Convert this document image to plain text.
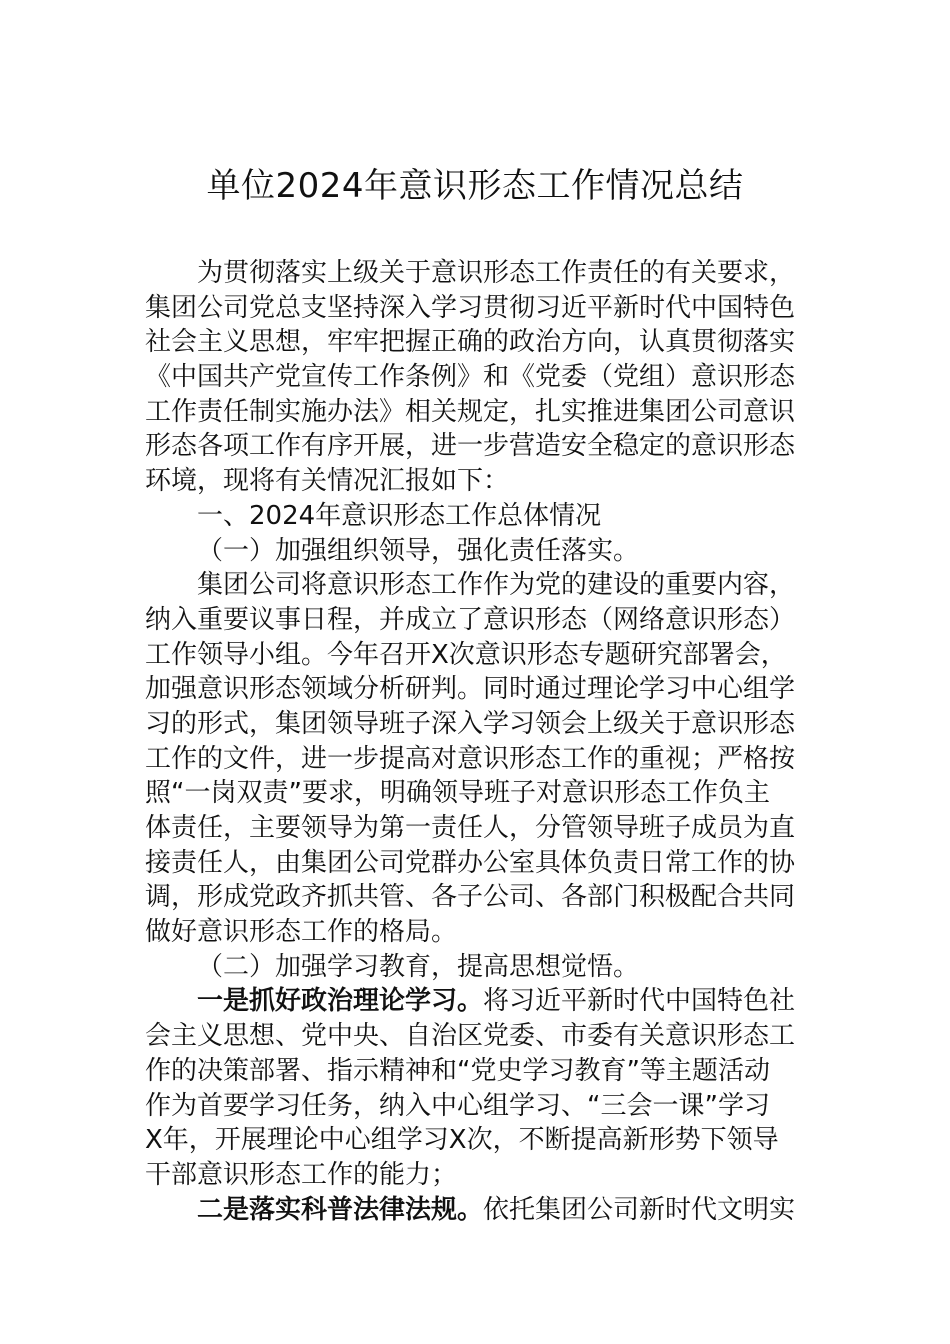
单位2024年意识形态工作情况总结
为贯彻落实上级关于意识形态工作责任的有关要求，
集团公司党总支坚持深入学习贯彻习近平新时代中国特色
社会主义思想，牢牢把握正确的政治方向，认真贯彻落实
《中国共产党宣传工作条例》和《党委（党组）意识形态
工作责任制实施办法》相关规定，扎实推进集团公司意识
形态各项工作有序开展，进一步营造安全稳定的意识形态
环境，现将有关情况汇报如下：
一、2024年意识形态工作总体情况
（一）加强组织领导，强化责任落实。
集团公司将意识形态工作作为党的建设的重要内容，
纳入重要议事日程，并成立了意识形态（网络意识形态）
工作领导小组。今年召开X次意识形态专题研究部署会，
加强意识形态领域分析研判。同时通过理论学习中心组学
习的形式，集团领导班子深入学习领会上级关于意识形态
工作的文件，进一步提高对意识形态工作的重视；严格按
照“一岗双责”要求，明确领导班子对意识形态工作负主
体责任，主要领导为第一责任人，分管领导班子成员为直
接责任人，由集团公司党群办公室具体负责日常工作的协
调，形成党政齐抓共管、各子公司、各部门积极配合共同
做好意识形态工作的格局。
（二）加强学习教育，提高思想觉悟。
一是抓好政治理论学习。将习近平新时代中国特色社
会主义思想、党中央、自治区党委、市委有关意识形态工
作的决策部署、指示精神和“党史学习教育”等主题活动
作为首要学习任务，纳入中心组学习、“三会一课”学习
X年，开展理论中心组学习X次，不断提高新形势下领导
干部意识形态工作的能力；
二是落实科普法律法规。依托集团公司新时代文明实
